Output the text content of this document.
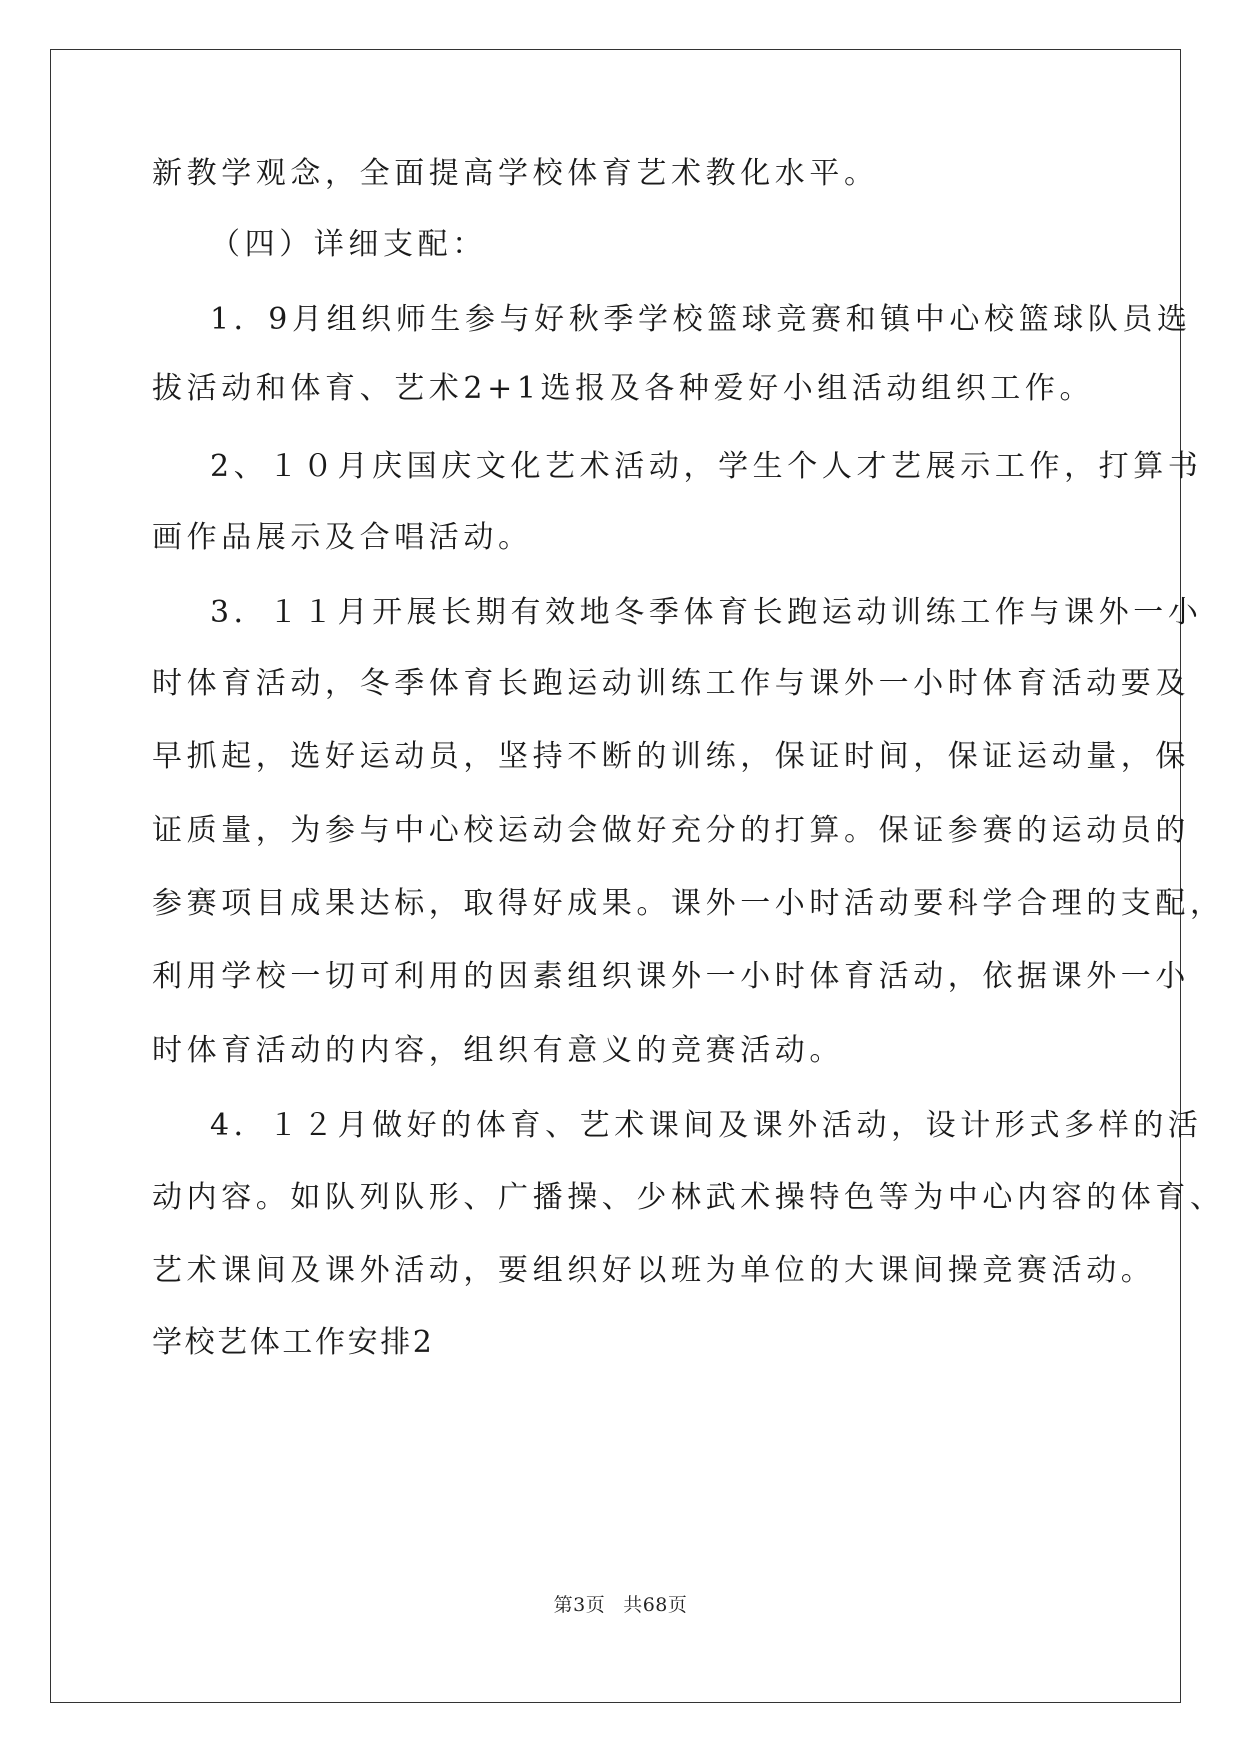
新教学观念，全面提高学校体育艺术教化水平。
（四）详细支配：
1．9月组织师生参与好秋季学校篮球竞赛和镇中心校篮球队员选
拔活动和体育、艺术2+1选报及各种爱好小组活动组织工作。
2、１０月庆国庆文化艺术活动，学生个人才艺展示工作，打算书
画作品展示及合唱活动。
3．１１月开展长期有效地冬季体育长跑运动训练工作与课外一小
时体育活动，冬季体育长跑运动训练工作与课外一小时体育活动要及
早抓起，选好运动员，坚持不断的训练，保证时间，保证运动量，保
证质量，为参与中心校运动会做好充分的打算。保证参赛的运动员的
参赛项目成果达标，取得好成果。课外一小时活动要科学合理的支配，
利用学校一切可利用的因素组织课外一小时体育活动，依据课外一小
时体育活动的内容，组织有意义的竞赛活动。
4．１２月做好的体育、艺术课间及课外活动，设计形式多样的活
动内容。如队列队形、广播操、少林武术操特色等为中心内容的体育、
艺术课间及课外活动，要组织好以班为单位的大课间操竞赛活动。
学校艺体工作安排2
第3页 共68页
